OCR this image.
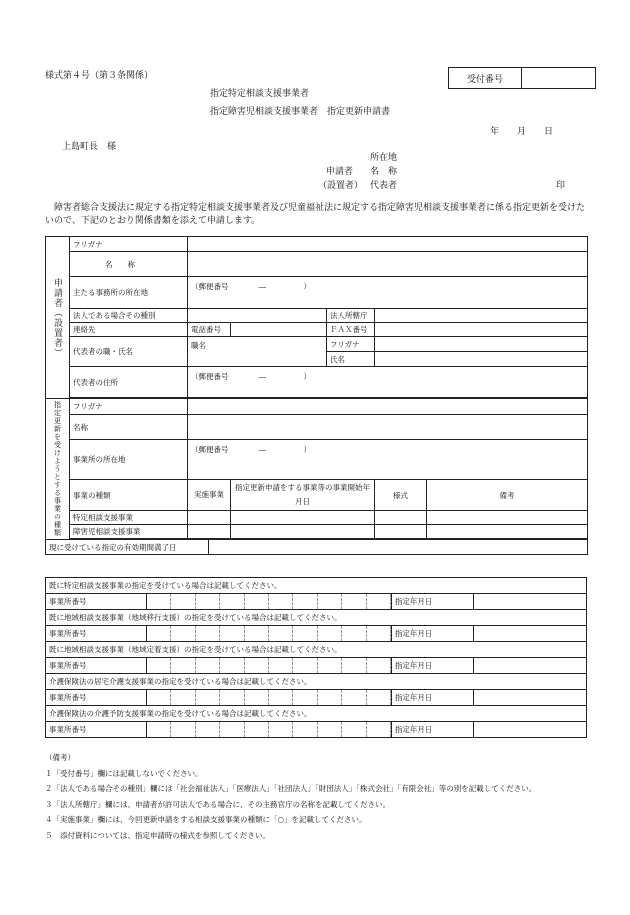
様式第４号（第３条関係）	受付番号
指定特定相談支援事業者
指定障害児相談支援事業者　指定更新申請書
年　　月　　日
上島町長　様
所在地
申請者 名　称
（設置者） 代表者	印
障害者総合支援法に規定する指定特定相談支援事業者及び児童福祉法に規定する指定障害児相談支援事業者に係る指定更新を受けたいので、下記のとおり関係書類を添えて申請します。
申請者（設置者）	フリガナ						
	名　　称						
	主たる事務所の所在地	（郵便番号　　　　―　　　　　）					
	法人である場合その種別				法人所轄庁		
	連絡先	電話番号			ＦＡＸ番号		
	代表者の職・氏名	職名			フリガナ		
					氏名		
	代表者の住所	（郵便番号　　　　―　　　　　）					

指定更新を受けようとする事業の種類	フリガナ						
	名称						
	事業所の所在地	（郵便番号　　　　―　　　　　）					
	事業の種類	実施事業		指定更新申請をする事業等の事業開始年月日		様式	備考
	特定相談支援事業						
	障害児相談支援事業						

現に受けている指定の有効期間満了日							
既に特定相談支援事業の指定を受けている場合は記載してください。
事業所番号	指定年月日
既に地域相談支援事業（地域移行支援）の指定を受けている場合は記載してください。
事業所番号	指定年月日
既に地域相談支援事業（地域定着支援）の指定を受けている場合は記載してください。
事業所番号	指定年月日
介護保険法の居宅介護支援事業の指定を受けている場合は記載してください。
事業所番号	指定年月日
介護保険法の介護予防支援事業の指定を受けている場合は記載してください。
事業所番号	指定年月日
（備考）
１「受付番号」欄には記載しないでください。
２「法人である場合その種別」欄には「社会福祉法人」「医療法人」「社団法人」「財団法人」「株式会社」「有限会社」等の別を記載してください。
３「法人所轄庁」欄には、申請者が許可法人である場合に、その主務官庁の名称を記載してください。
４「実施事業」欄には、今回更新申請をする相談支援事業の種類に「○」を記載してください。
５　添付資料については、指定申請時の様式を参照してください。
